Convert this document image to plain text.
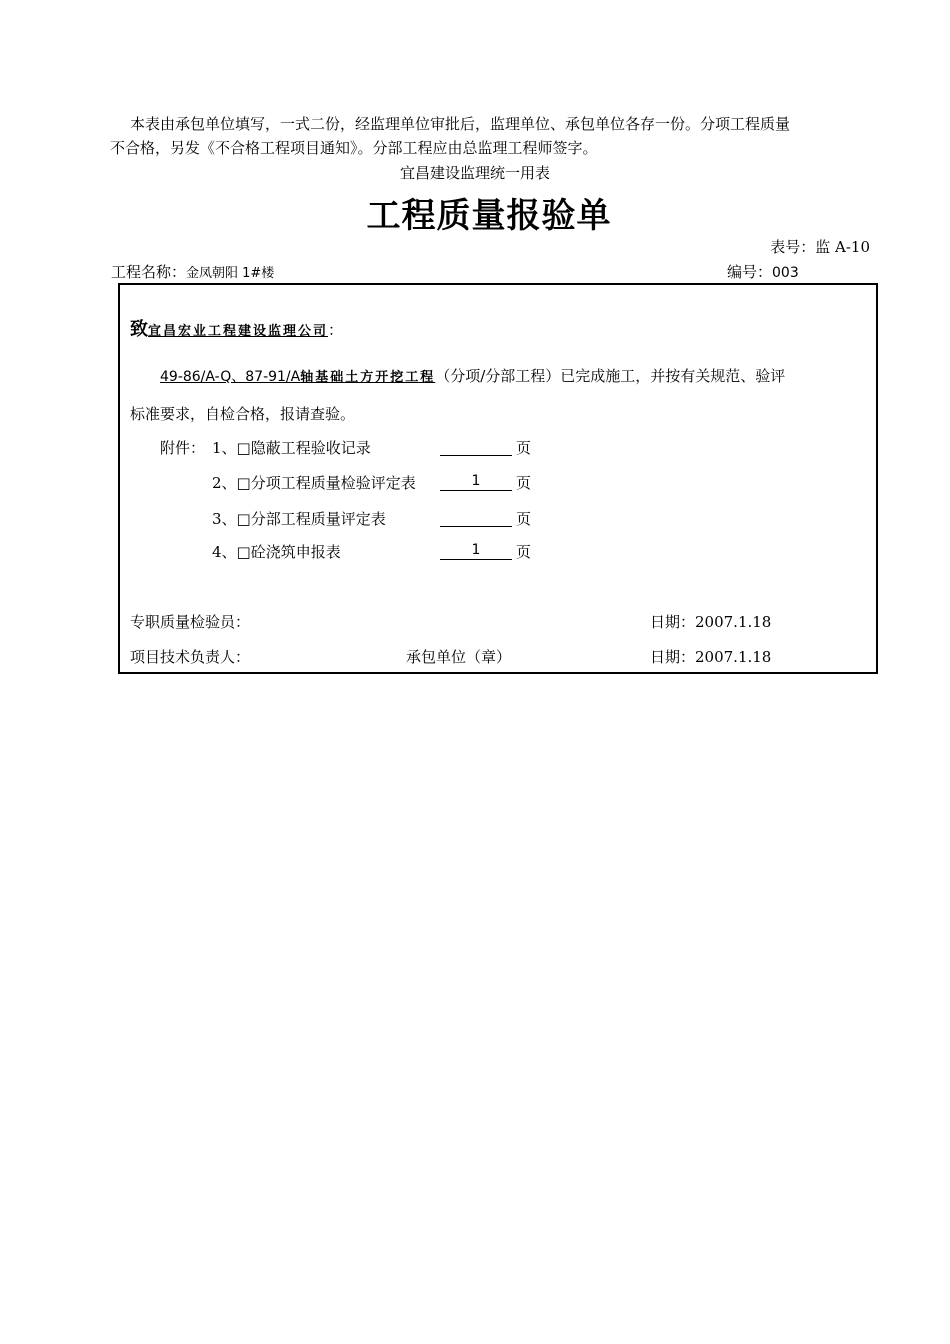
本表由承包单位填写，一式二份，经监理单位审批后，监理单位、承包单位各存一份。分项工程质量

不合格，另发《不合格工程项目通知》。分部工程应由总监理工程师签字。

宜昌建设监理统一用表
工程质量报验单
表号：监 A-10
工程名称：金凤朝阳 1#楼	编号：003
致宜昌宏业工程建设监理公司：
49-86/A-Q、87-91/A轴基础土方开挖工程（分项/分部工程）已完成施工，并按有关规范、验评
标准要求，自检合格，报请查验。
附件： 1、□隐蔽工程验收记录	页
2、□分项工程质量检验评定表	1	页
3、□分部工程质量评定表	页
4、□砼浇筑申报表	1	页
专职质量检验员：	日期：2007.1.18
项目技术负责人：	承包单位（章）	日期：2007.1.18
